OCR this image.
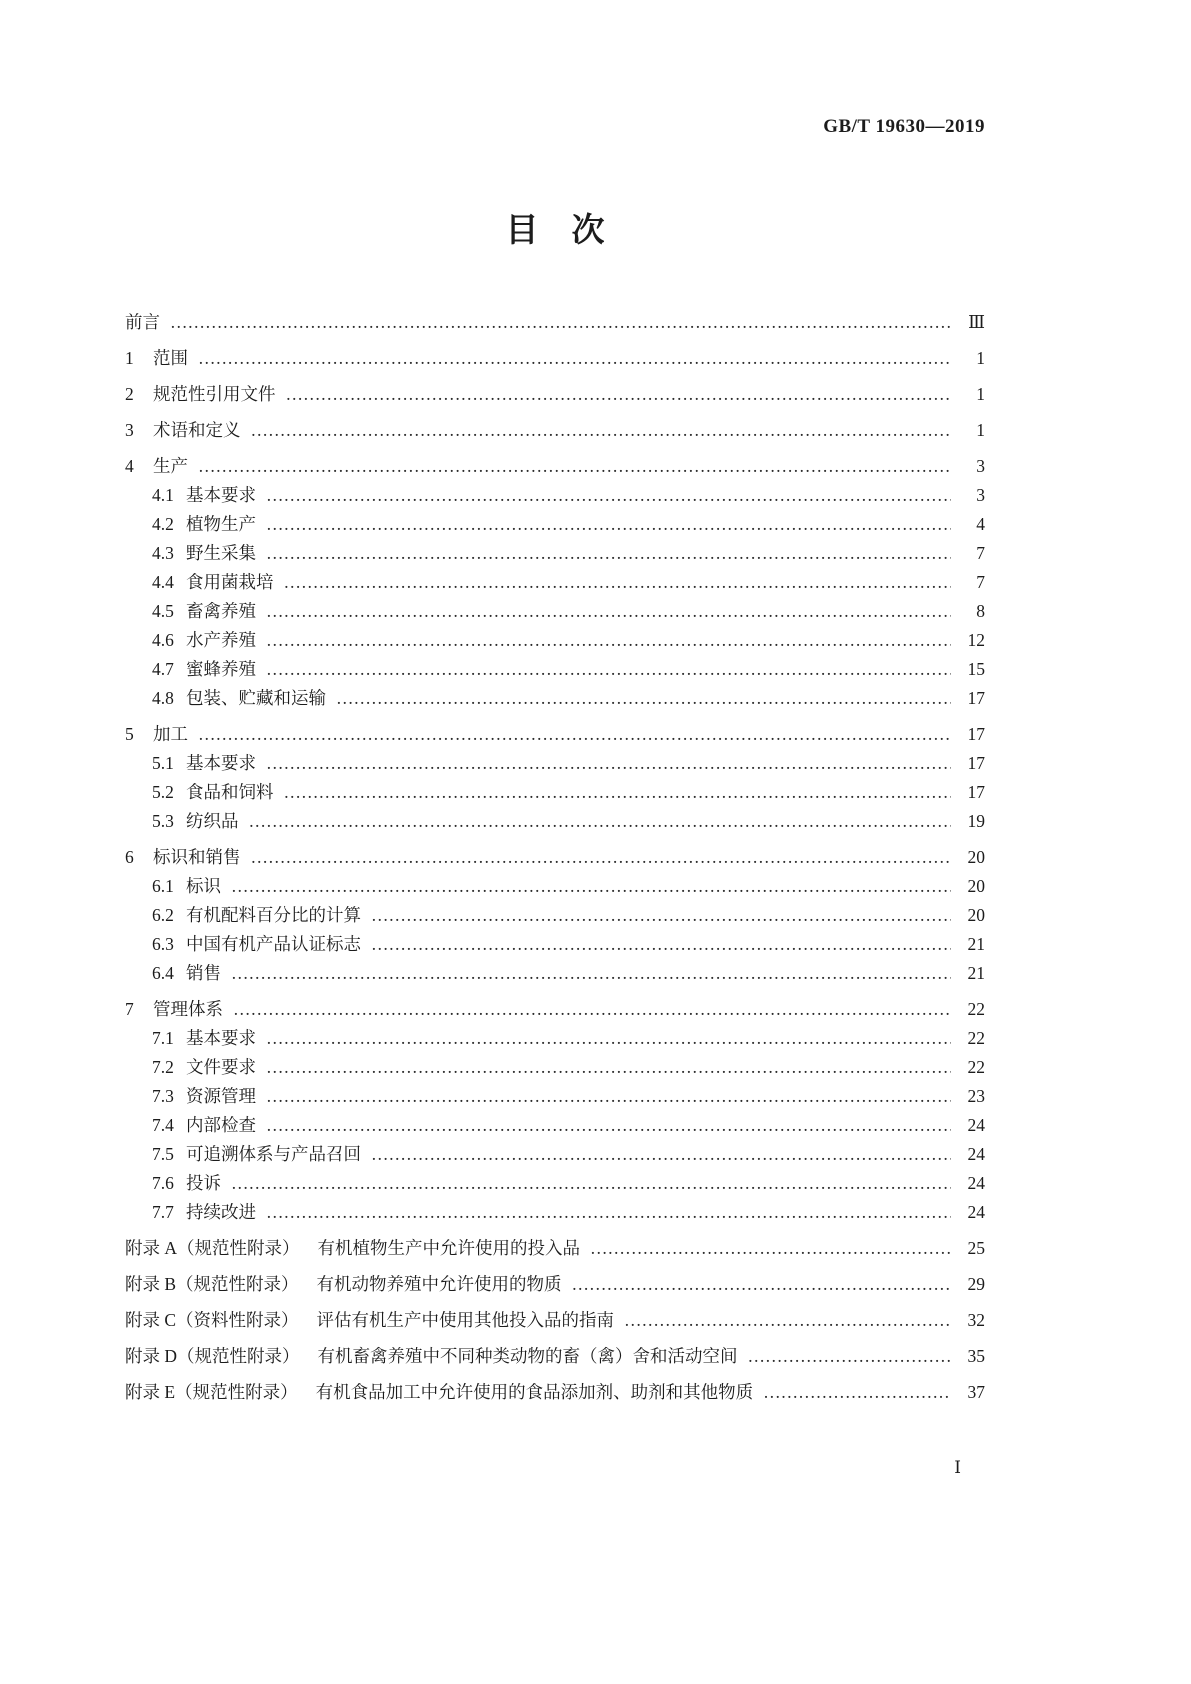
GB/T 19630—2019
目　次
前言 ……………………………………………………………………………………………………………………………………………………………………………………………………………………	Ⅲ
1	范围 ……………………………………………………………………………………………………………………………………………………………………………………………………………………	1
2	规范性引用文件 ……………………………………………………………………………………………………………………………………………………………………………………………………………………	1
3	术语和定义 ……………………………………………………………………………………………………………………………………………………………………………………………………………………	1
4	生产 ……………………………………………………………………………………………………………………………………………………………………………………………………………………	3
4.1 基本要求 ……………………………………………………………………………………………………………………………………………………………………………………………………………………	3
4.2 植物生产 ……………………………………………………………………………………………………………………………………………………………………………………………………………………	4
4.3 野生采集 ……………………………………………………………………………………………………………………………………………………………………………………………………………………	7
4.4 食用菌栽培 ……………………………………………………………………………………………………………………………………………………………………………………………………………………	7
4.5 畜禽养殖 ……………………………………………………………………………………………………………………………………………………………………………………………………………………	8
4.6 水产养殖 ……………………………………………………………………………………………………………………………………………………………………………………………………………………	12
4.7 蜜蜂养殖 ……………………………………………………………………………………………………………………………………………………………………………………………………………………	15
4.8 包装、贮藏和运输 ……………………………………………………………………………………………………………………………………………………………………………………………………………………	17
5	加工 ……………………………………………………………………………………………………………………………………………………………………………………………………………………	17
5.1 基本要求 ……………………………………………………………………………………………………………………………………………………………………………………………………………………	17
5.2 食品和饲料 ……………………………………………………………………………………………………………………………………………………………………………………………………………………	17
5.3 纺织品 ……………………………………………………………………………………………………………………………………………………………………………………………………………………	19
6	标识和销售 ……………………………………………………………………………………………………………………………………………………………………………………………………………………	20
6.1 标识 ……………………………………………………………………………………………………………………………………………………………………………………………………………………	20
6.2 有机配料百分比的计算 ……………………………………………………………………………………………………………………………………………………………………………………………………………………	20
6.3 中国有机产品认证标志 ……………………………………………………………………………………………………………………………………………………………………………………………………………………	21
6.4 销售 ……………………………………………………………………………………………………………………………………………………………………………………………………………………	21
7	管理体系 ……………………………………………………………………………………………………………………………………………………………………………………………………………………	22
7.1 基本要求 ……………………………………………………………………………………………………………………………………………………………………………………………………………………	22
7.2 文件要求 ……………………………………………………………………………………………………………………………………………………………………………………………………………………	22
7.3 资源管理 ……………………………………………………………………………………………………………………………………………………………………………………………………………………	23
7.4 内部检查 ……………………………………………………………………………………………………………………………………………………………………………………………………………………	24
7.5 可追溯体系与产品召回 ……………………………………………………………………………………………………………………………………………………………………………………………………………………	24
7.6 投诉 ……………………………………………………………………………………………………………………………………………………………………………………………………………………	24
7.7 持续改进 ……………………………………………………………………………………………………………………………………………………………………………………………………………………	24
附录 A（规范性附录） 有机植物生产中允许使用的投入品 ……………………………………………………………………………………………………………………………………………………………………………………………………………………	25
附录 B（规范性附录） 有机动物养殖中允许使用的物质 ……………………………………………………………………………………………………………………………………………………………………………………………………………………	29
附录 C（资料性附录） 评估有机生产中使用其他投入品的指南 ……………………………………………………………………………………………………………………………………………………………………………………………………………………	32
附录 D（规范性附录） 有机畜禽养殖中不同种类动物的畜（禽）舍和活动空间 ……………………………………………………………………………………………………………………………………………………………………………………………………………………	35
附录 E（规范性附录） 有机食品加工中允许使用的食品添加剂、助剂和其他物质 ……………………………………………………………………………………………………………………………………………………………………………………………………………………	37
Ⅰ
